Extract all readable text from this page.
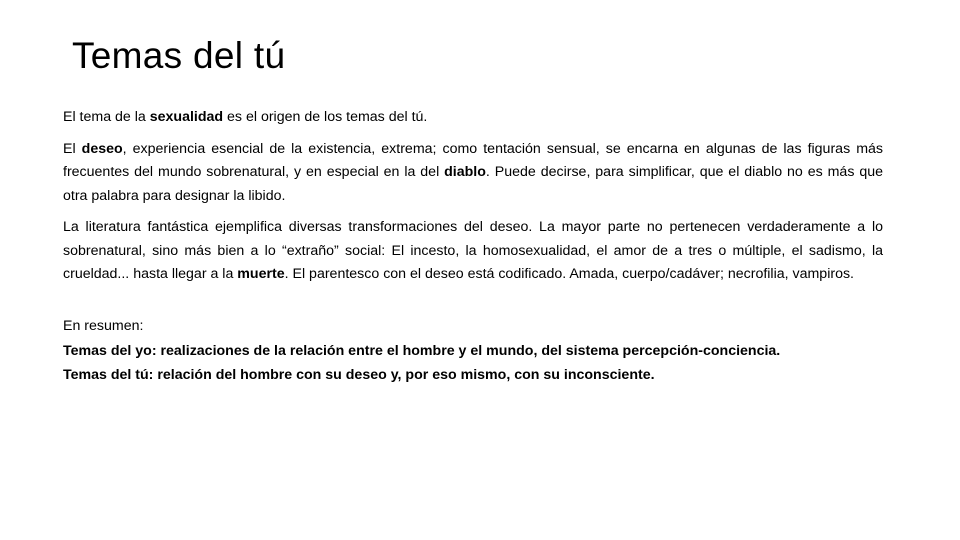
Temas del tú

El tema de la sexualidad es el origen de los temas del tú.

El deseo, experiencia esencial de la existencia, extrema; como tentación sensual, se encarna en algunas de las figuras más frecuentes del mundo sobrenatural, y en especial en la del diablo. Puede decirse, para simplificar, que el diablo no es más que otra palabra para designar la libido.

La literatura fantástica ejemplifica diversas transformaciones del deseo. La mayor parte no pertenecen verdaderamente a lo sobrenatural, sino más bien a lo “extraño” social: El incesto, la homosexualidad, el amor de a tres o múltiple, el sadismo, la crueldad... hasta llegar a la muerte. El parentesco con el deseo está codificado. Amada, cuerpo/cadáver; necrofilia, vampiros.

En resumen:

Temas del yo: realizaciones de la relación entre el hombre y el mundo, del sistema percepción-conciencia.

Temas del tú: relación del hombre con su deseo y, por eso mismo, con su inconsciente.
